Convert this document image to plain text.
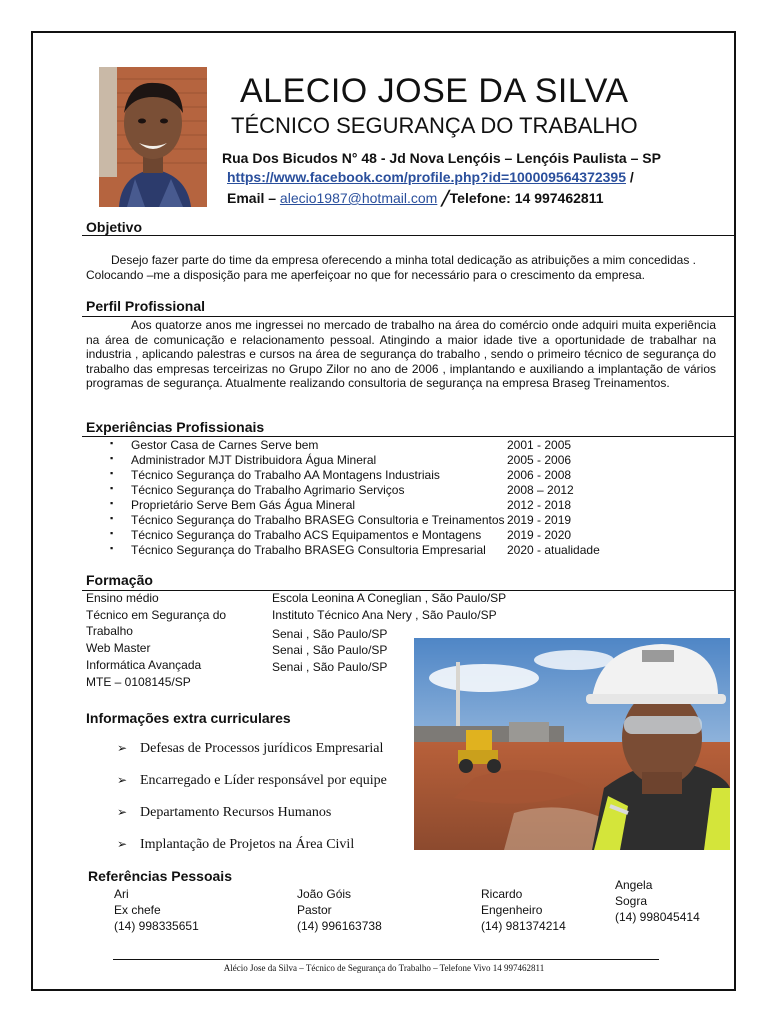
ALECIO JOSE DA SILVA
TÉCNICO SEGURANÇA DO TRABALHO
Rua Dos Bicudos N° 48 - Jd Nova Lençóis – Lençóis Paulista – SP
https://www.facebook.com/profile.php?id=100009564372395 /
Email – alecio1987@hotmail.com ╱Telefone: 14 997462811
Objetivo
Desejo fazer parte do time da empresa oferecendo a minha total dedicação as atribuições a mim concedidas .
Colocando –me a disposição para me aperfeiçoar no que for necessário para o crescimento da empresa.
Perfil Profissional
Aos quatorze anos me ingressei no mercado de trabalho na área do comércio onde adquiri muita experiência na área de comunicação e relacionamento pessoal. Atingindo a maior idade tive a oportunidade de trabalhar na industria , aplicando palestras e cursos na área de segurança do trabalho , sendo o primeiro técnico de segurança do trabalho das empresas terceirizas no Grupo Zilor no ano de 2006 , implantando e auxiliando a implantação de vários programas de segurança. Atualmente realizando consultoria de segurança na empresa Braseg Treinamentos.
Experiências Profissionais
▪ Gestor Casa de Carnes Serve bem	2001 - 2005
▪ Administrador MJT Distribuidora Água Mineral	2005 - 2006
▪ Técnico Segurança do Trabalho AA Montagens Industriais	2006 - 2008
▪ Técnico Segurança do Trabalho Agrimario Serviços	2008 – 2012
▪ Proprietário Serve Bem Gás Água Mineral	2012 - 2018
▪ Técnico Segurança do Trabalho BRASEG Consultoria e Treinamentos 2019 - 2019
▪ Técnico Segurança do Trabalho ACS Equipamentos e Montagens 2019 - 2020
▪ Técnico Segurança do Trabalho BRASEG Consultoria Empresarial 2020 - atualidade
Formação
Ensino médio	Escola Leonina A Coneglian , São Paulo/SP
Técnico em Segurança do	Instituto Técnico Ana Nery , São Paulo/SP
Trabalho	Senai , São Paulo/SP
Web Master	Senai , São Paulo/SP
Informática Avançada	Senai , São Paulo/SP
MTE – 0108145/SP
Informações extra curriculares
➢ Defesas de Processos jurídicos Empresarial
➢ Encarregado e Líder responsável por equipe
➢ Departamento Recursos Humanos
➢ Implantação de Projetos na Área Civil
Referências Pessoais
Ari
Ex chefe
(14) 998335651
João Góis
Pastor
(14) 996163738
Ricardo
Engenheiro
(14) 981374214
Angela
Sogra
(14) 998045414
Alécio Jose da Silva – Técnico de Segurança do Trabalho – Telefone Vivo 14 997462811
